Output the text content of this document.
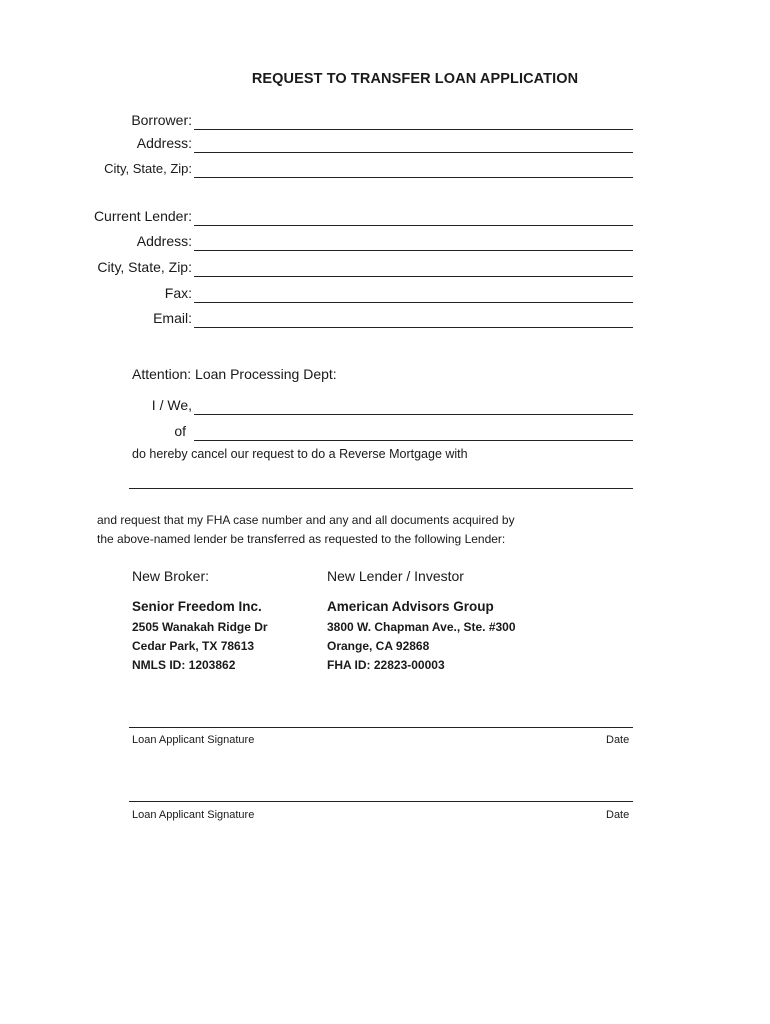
REQUEST TO TRANSFER LOAN APPLICATION
Borrower:
Address:
City, State, Zip:
Current Lender:
Address:
City, State, Zip:
Fax:
Email:
Attention: Loan Processing Dept:
I / We,
of
do hereby cancel our request to do a Reverse Mortgage with
and request that my FHA case number and any and all documents acquired by
the above-named lender be transferred as requested to the following Lender:
New Broker:
Senior Freedom Inc.
2505 Wanakah Ridge Dr
Cedar Park, TX 78613
NMLS ID: 1203862
New Lender / Investor
American Advisors Group
3800 W. Chapman Ave., Ste. #300
Orange, CA 92868
FHA ID: 22823-00003
Loan Applicant Signature	Date
Loan Applicant Signature	Date
